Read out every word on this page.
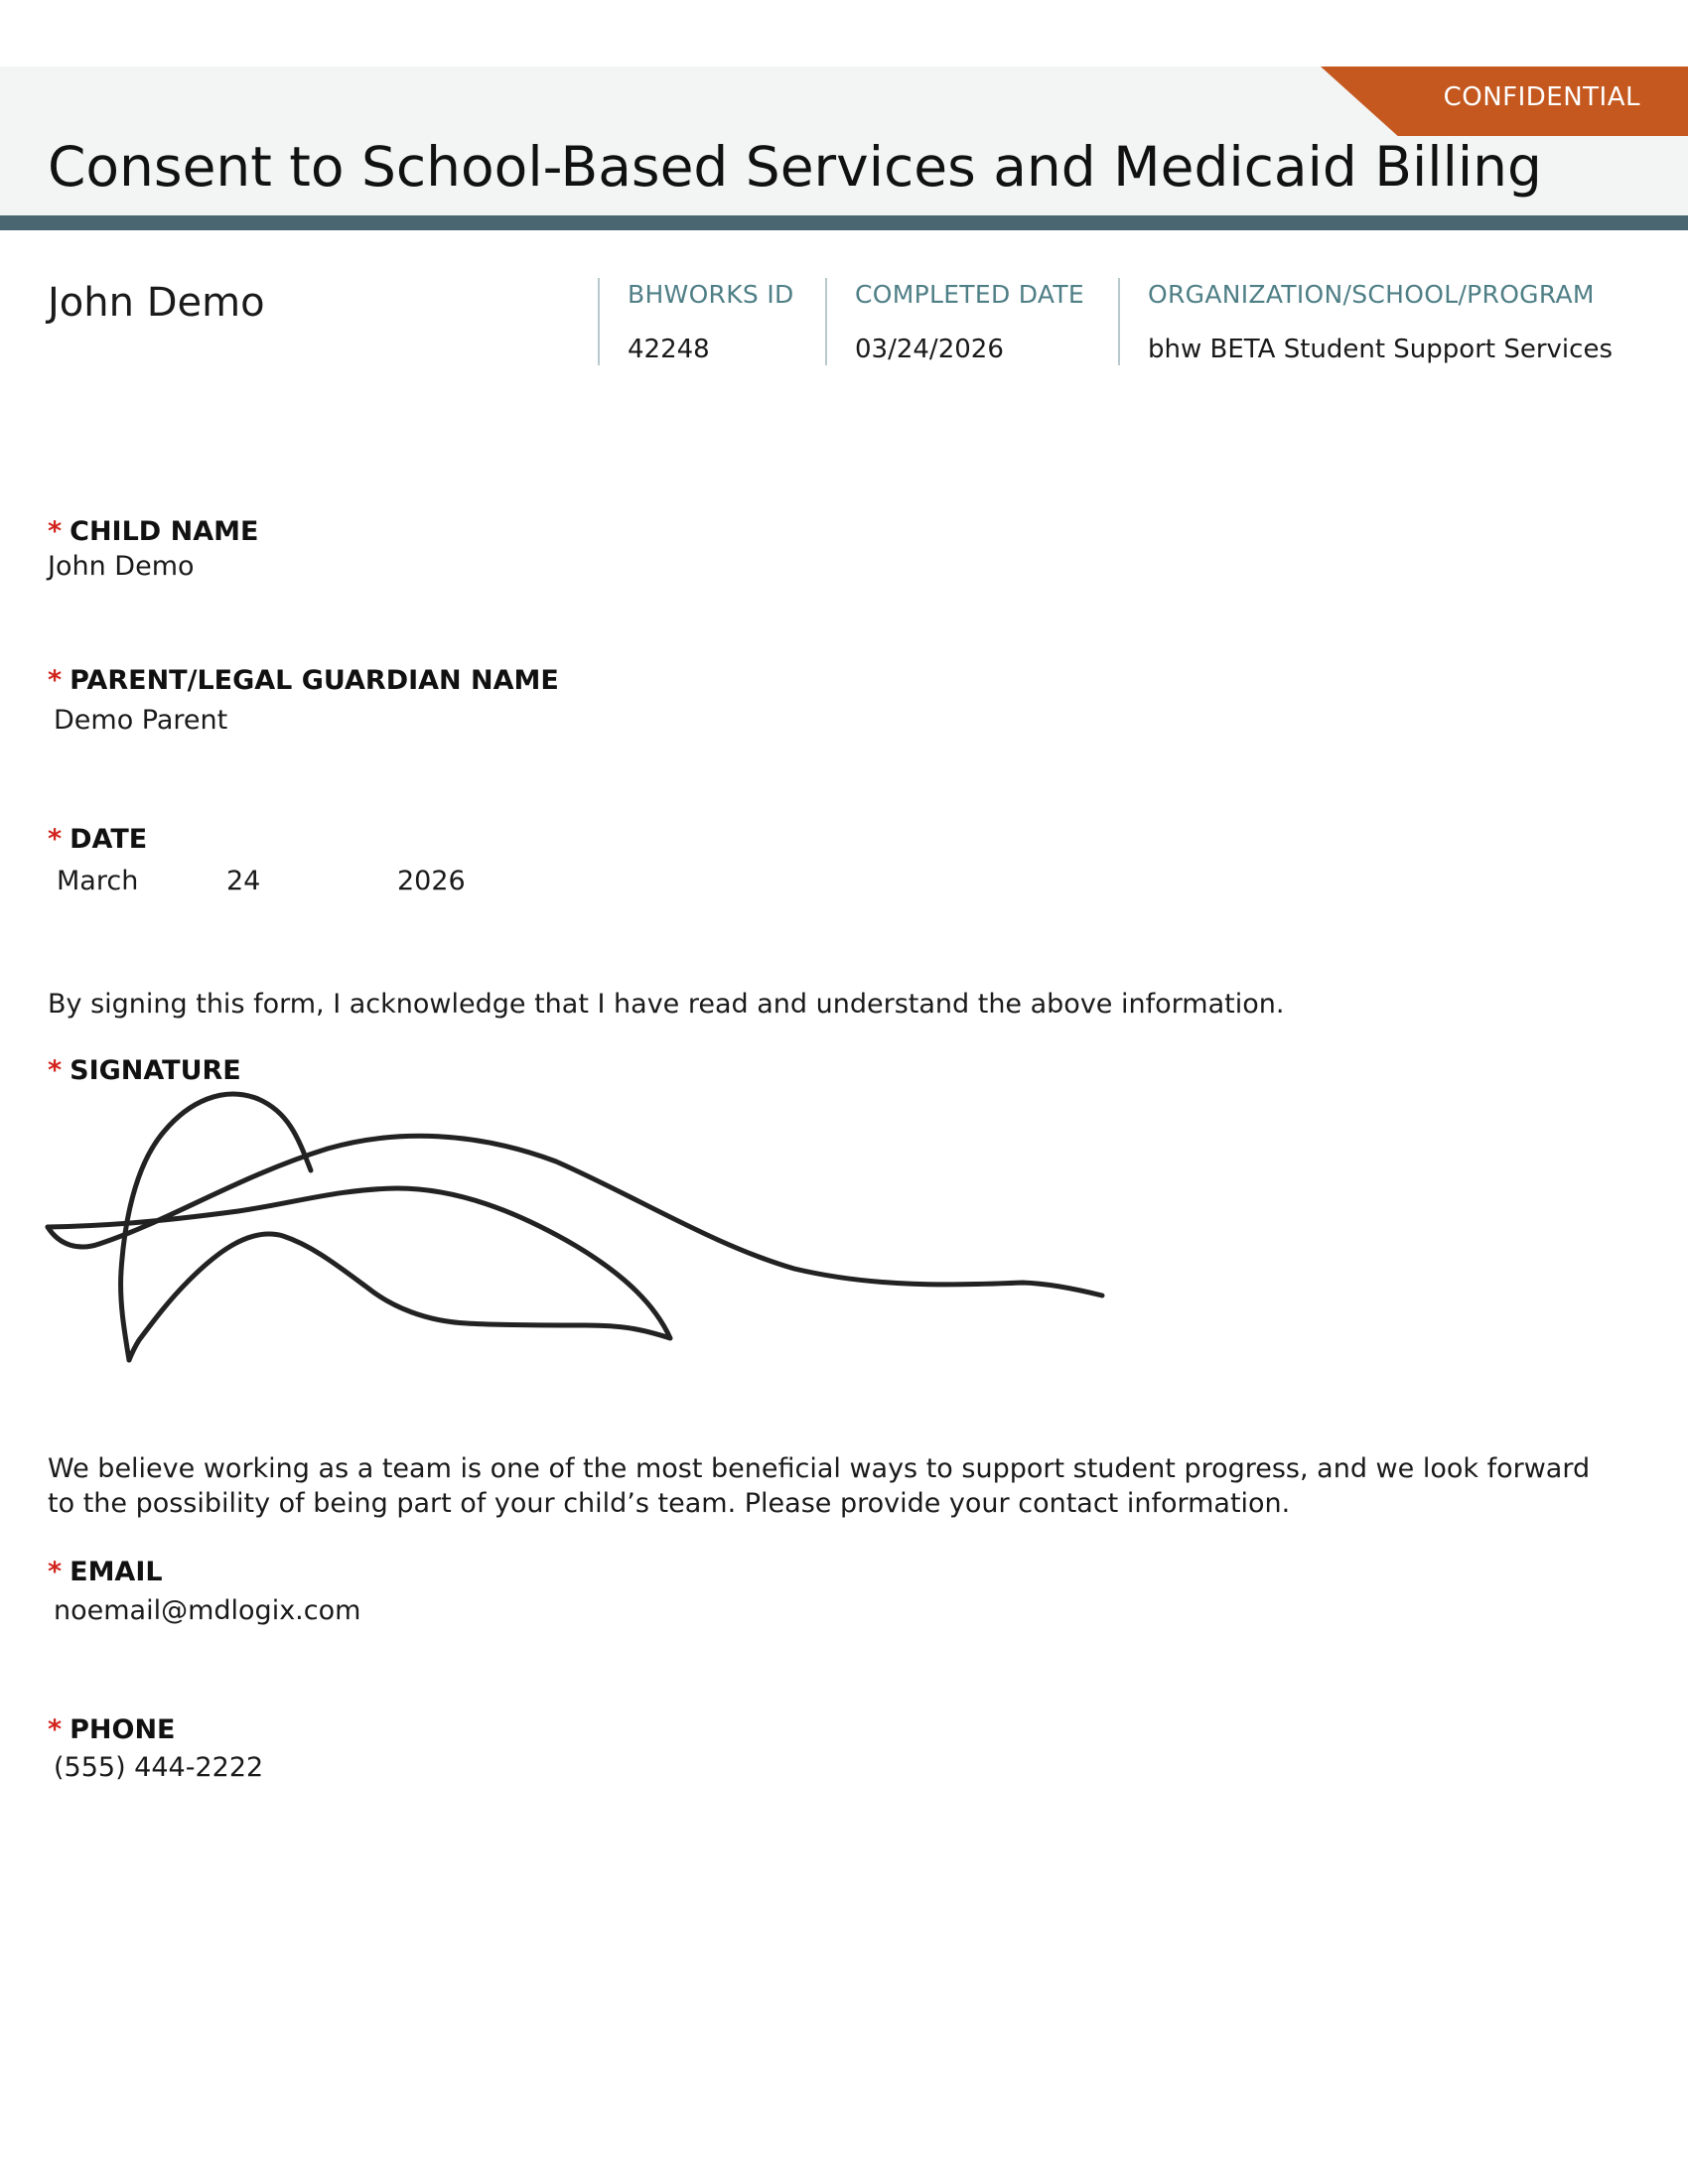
CONFIDENTIAL
Consent to School-Based Services and Medicaid Billing
John Demo	BHWORKS ID
42248
COMPLETED DATE
03/24/2026
ORGANIZATION/SCHOOL/PROGRAM
bhw BETA Student Support Services
* CHILD NAME
John Demo
* PARENT/LEGAL GUARDIAN NAME
Demo Parent
* DATE
March	24	2026

By signing this form, I acknowledge that I have read and understand the above information.

* SIGNATURE

We believe working as a team is one of the most beneficial ways to support student progress, and we look forward to the possibility of being part of your child’s team. Please provide your contact information.

* EMAIL
noemail@mdlogix.com
* PHONE
(555) 444-2222
